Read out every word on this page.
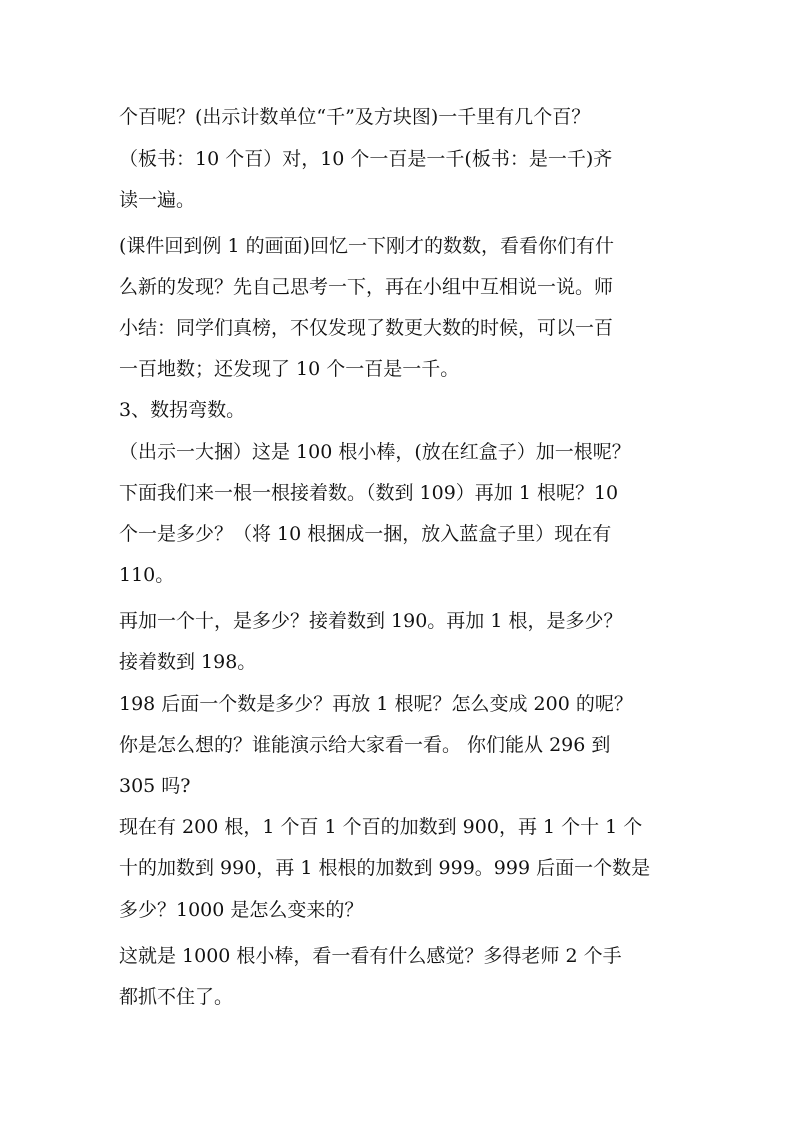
个百呢？(出示计数单位“千”及方块图)一千里有几个百？
（板书：10 个百）对，10 个一百是一千(板书：是一千)齐
读一遍。
(课件回到例 1 的画面)回忆一下刚才的数数，看看你们有什
么新的发现？先自己思考一下，再在小组中互相说一说。师
小结：同学们真榜，不仅发现了数更大数的时候，可以一百
一百地数；还发现了 10 个一百是一千。
3、数拐弯数。
（出示一大捆）这是 100 根小棒，(放在红盒子）加一根呢？
下面我们来一根一根接着数。（数到 109）再加 1 根呢？10
个一是多少？（将 10 根捆成一捆，放入蓝盒子里）现在有
110。
再加一个十，是多少？接着数到 190。再加 1 根，是多少？
接着数到 198。
198 后面一个数是多少？再放 1 根呢？怎么变成 200 的呢？
你是怎么想的？谁能演示给大家看一看。 你们能从 296 到
305 吗?
现在有 200 根，1 个百 1 个百的加数到 900，再 1 个十 1 个
十的加数到 990，再 1 根根的加数到 999。999 后面一个数是
多少？1000 是怎么变来的？
这就是 1000 根小棒，看一看有什么感觉？多得老师 2 个手
都抓不住了。
